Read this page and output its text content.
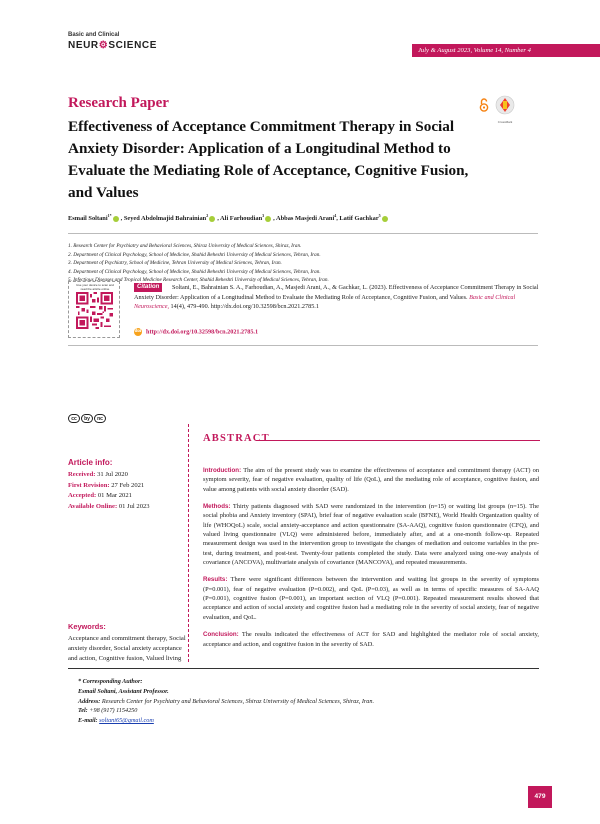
Basic and Clinical
NEUR⚙SCIENCE	July & August 2023, Volume 14, Number 4
Research Paper
Effectiveness of Acceptance Commitment Therapy in Social Anxiety Disorder: Application of a Longitudinal Method to Evaluate the Mediating Role of Acceptance, Cognitive Fusion, and Values
CrossMark
Esmail Soltani$^{1*}$ , Seyed Abdolmajid Bahrainian$^2$ , Ali Farhoudian$^3$ , Abbas Masjedi Arani$^4$, Latif Gachkar$^5$
1. Research Center for Psychiatry and Behavioral Sciences, Shiraz University of Medical Sciences, Shiraz, Iran.
2. Department of Clinical Psychology, School of Medicine, Shahid Beheshti University of Medical Sciences, Tehran, Iran.
3. Department of Psychiatry, School of Medicine, Tehran University of Medical Sciences, Tehran, Iran.
4. Department of Clinical Psychology, School of Medicine, Shahid Beheshti University of Medical Sciences, Tehran, Iran.
5. Infectious Diseases and Tropical Medicine Research Center, Shahid Beheshti University of Medical Sciences, Tehran, Iran.
Use your device to scan and read the article online	Soltani, E., Bahrainian S. A., Farhoudian, A., Masjedi Arani, A., & Gachkar, L. (2023). Effectiveness of Acceptance Commitment Therapy in Social Anxiety Disorder: Application of a Longitudinal Method to Evaluate the Mediating Role of Acceptance, Cognitive Fusion, and Values. Basic and Clinical Neuroscience, 14(4), 479-490. http://dx.doi.org/10.32598/bcn.2021.2785.1
Citation
doi http://dx.doi.org/10.32598/bcn.2021.2785.1
cc by nc
Article info:
Received: 31 Jul 2020
First Revision: 27 Feb 2021
Accepted: 01 Mar 2021
Available Online: 01 Jul 2023
Keywords:
Acceptance and commitment therapy, Social anxiety disorder, Social anxiety acceptance and action, Cognitive fusion, Valued living
ABSTRACT

Introduction: The aim of the present study was to examine the effectiveness of acceptance and commitment therapy (ACT) on symptom severity, fear of negative evaluation, quality of life (QoL), and the mediating role of acceptance, cognitive fusion, and value among patients with social anxiety disorder (SAD).

Methods: Thirty patients diagnosed with SAD were randomized in the intervention (n=15) or waiting list groups (n=15). The social phobia and Anxiety inventory (SPAI), brief fear of negative evaluation scale (BFNE), World Health Organization quality of life (WHOQoL) scale, social anxiety-acceptance and action questionnaire (SA-AAQ), cognitive fusion questionnaire (CFQ), and valued living questionnaire (VLQ) were administered before, immediately after, and at a one-month follow-up. Repeated measurement design was used in the intervention group to investigate the changes of mediation and outcome variables in the pre-test, during treatment, and post-test. Twenty-four patients completed the study. Data were analyzed using one-way analysis of covariance (ANCOVA), multivariate analysis of covariance (MANCOVA), and repeated measurements.

Results: There were significant differences between the intervention and waiting list groups in the severity of symptoms (P=0.001), fear of negative evaluation (P=0.002), and QoL (P=0.03), as well as in terms of specific measures of SA-AAQ (P=0.001), cognitive fusion (P=0.001), an important section of VLQ (P=0.001). Repeated measurement results showed that acceptance and action of social anxiety and cognitive fusion had a mediating role in the severity of social anxiety, fear of negative evaluation, and QoL.

Conclusion: The results indicated the effectiveness of ACT for SAD and highlighted the mediator role of social anxiety, acceptance and action, and cognitive fusion in the severity of SAD.

* Corresponding Author:
Esmail Soltani, Assistant Professor.
Address: Research Center for Psychiatry and Behavioral Sciences, Shiraz University of Medical Sciences, Shiraz, Iran.
Tel: +98 (917) 1154250
E-mail: soltani65@gmail.com
479
